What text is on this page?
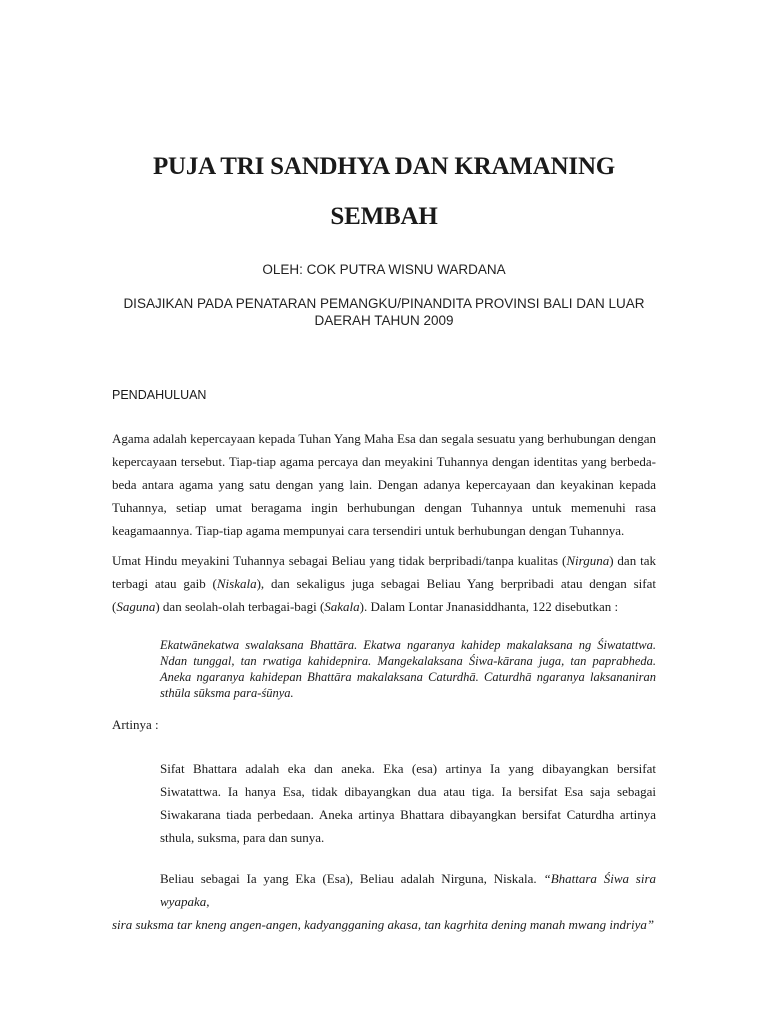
PUJA TRI SANDHYA DAN KRAMANING
SEMBAH
OLEH: COK PUTRA WISNU WARDANA
DISAJIKAN PADA PENATARAN PEMANGKU/PINANDITA PROVINSI BALI DAN LUAR DAERAH TAHUN 2009
PENDAHULUAN
Agama adalah kepercayaan kepada Tuhan Yang Maha Esa dan segala sesuatu yang berhubungan dengan kepercayaan tersebut. Tiap-tiap agama percaya dan meyakini Tuhannya dengan identitas yang berbeda-beda antara agama yang satu dengan yang lain. Dengan adanya kepercayaan dan keyakinan kepada Tuhannya, setiap umat beragama ingin berhubungan dengan Tuhannya untuk memenuhi rasa keagamaannya. Tiap-tiap agama mempunyai cara tersendiri untuk berhubungan dengan Tuhannya.
Umat Hindu meyakini Tuhannya sebagai Beliau yang tidak berpribadi/tanpa kualitas (Nirguna) dan tak terbagi atau gaib (Niskala), dan sekaligus juga sebagai Beliau Yang berpribadi atau dengan sifat (Saguna) dan seolah-olah terbagai-bagi (Sakala). Dalam Lontar Jnanasiddhanta, 122 disebutkan :
Ekatwānekatwa swalaksana Bhattāra. Ekatwa ngaranya kahidep makalaksana ng Śiwatattwa. Ndan tunggal, tan rwatiga kahidepnira. Mangekalaksana Śiwa-kārana juga, tan paprabheda. Aneka ngaranya kahidepan Bhattāra makalaksana Caturdhā. Caturdhā ngaranya laksananiran sthūla sūksma para-śūnya.
Artinya :
Sifat Bhattara adalah eka dan aneka. Eka (esa) artinya Ia yang dibayangkan bersifat Siwatattwa. Ia hanya Esa, tidak dibayangkan dua atau tiga. Ia bersifat Esa saja sebagai Siwakarana tiada perbedaan. Aneka artinya Bhattara dibayangkan bersifat Caturdha artinya sthula, suksma, para dan sunya.
Beliau sebagai Ia yang Eka (Esa), Beliau adalah Nirguna, Niskala. “Bhattara Śiwa sira wyapaka,
sira suksma tar kneng angen-angen, kadyangganing akasa, tan kagrhita dening manah mwang indriya”
